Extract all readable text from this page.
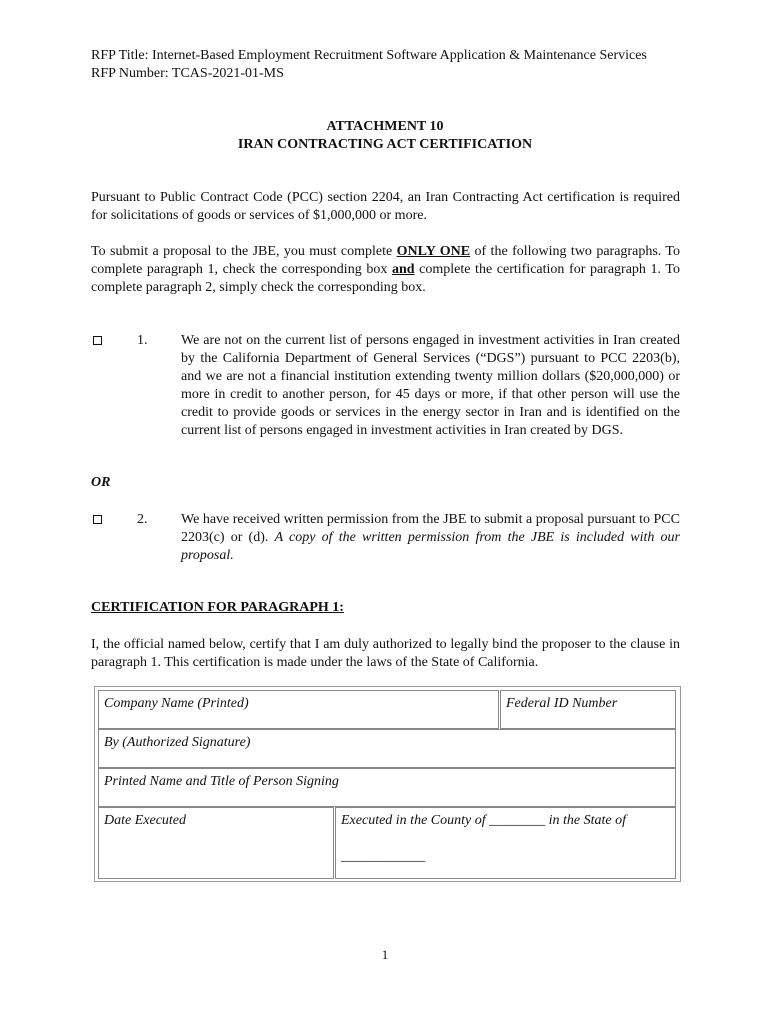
RFP Title: Internet-Based Employment Recruitment Software Application & Maintenance Services
RFP Number: TCAS-2021-01-MS
ATTACHMENT 10
IRAN CONTRACTING ACT CERTIFICATION
Pursuant to Public Contract Code (PCC) section 2204, an Iran Contracting Act certification is required for solicitations of goods or services of $1,000,000 or more.
To submit a proposal to the JBE, you must complete ONLY ONE of the following two paragraphs. To complete paragraph 1, check the corresponding box and complete the certification for paragraph 1. To complete paragraph 2, simply check the corresponding box.
1. We are not on the current list of persons engaged in investment activities in Iran created by the California Department of General Services (“DGS”) pursuant to PCC 2203(b), and we are not a financial institution extending twenty million dollars ($20,000,000) or more in credit to another person, for 45 days or more, if that other person will use the credit to provide goods or services in the energy sector in Iran and is identified on the current list of persons engaged in investment activities in Iran created by DGS.
OR
2. We have received written permission from the JBE to submit a proposal pursuant to PCC 2203(c) or (d). A copy of the written permission from the JBE is included with our proposal.
CERTIFICATION FOR PARAGRAPH 1:
I, the official named below, certify that I am duly authorized to legally bind the proposer to the clause in paragraph 1. This certification is made under the laws of the State of California.
Company Name (Printed)	Federal ID Number
By (Authorized Signature)
Printed Name and Title of Person Signing
Date Executed	Executed in the County of ________ in the State of
____________
1
